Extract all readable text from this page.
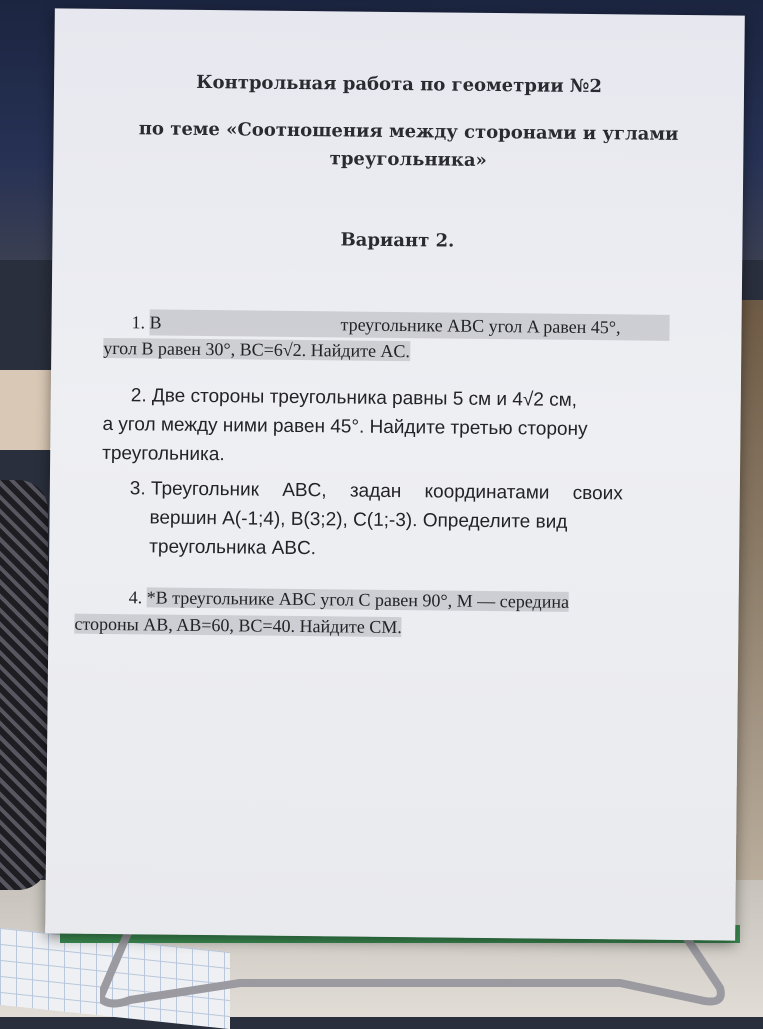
Контрольная работа по геометрии №2

по теме «Соотношения между сторонами и углами треугольника»

Вариант 2.

1. В	треугольнике ABC угол A равен 45°,
угол B равен 30°, BC=6√2. Найдите AC.
2. Две стороны треугольника равны 5 см и 4√2 см,
а угол между ними равен 45°. Найдите третью сторону
треугольника.
3. Треугольник ABC, задан координатами своих
вершин A(-1;4), B(3;2), C(1;-3). Определите вид
треугольника ABC.
4. *В треугольнике ABC угол C равен 90°, M — середина
стороны AB, AB=60, BC=40. Найдите CM.
